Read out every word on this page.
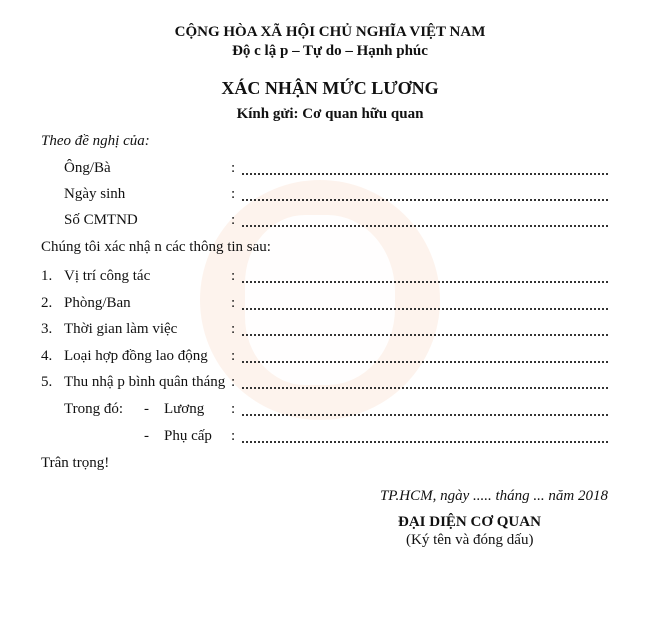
CỘNG HÒA XÃ HỘI CHỦ NGHĨA VIỆT NAM
Độ c lậ p – Tự do – Hạnh phúc
XÁC NHẬN MỨC LƯƠNG
Kính gửi: Cơ quan hữu quan
Theo đề nghị của:
Ông/Bà	:
Ngày sinh	:
Số CMTND	:
Chúng tôi xác nhậ n các thông tin sau:
1. Vị trí công tác	:
2. Phòng/Ban	:
3. Thời gian làm việc	:
4. Loại hợp đồng lao động :
5. Thu nhậ p bình quân tháng :
Trong đó: - Lương :
- Phụ cấp :
Trân trọng!
TP.HCM, ngày ..... tháng ... năm 2018
ĐẠI DIỆN CƠ QUAN
(Ký tên và đóng dấu)
